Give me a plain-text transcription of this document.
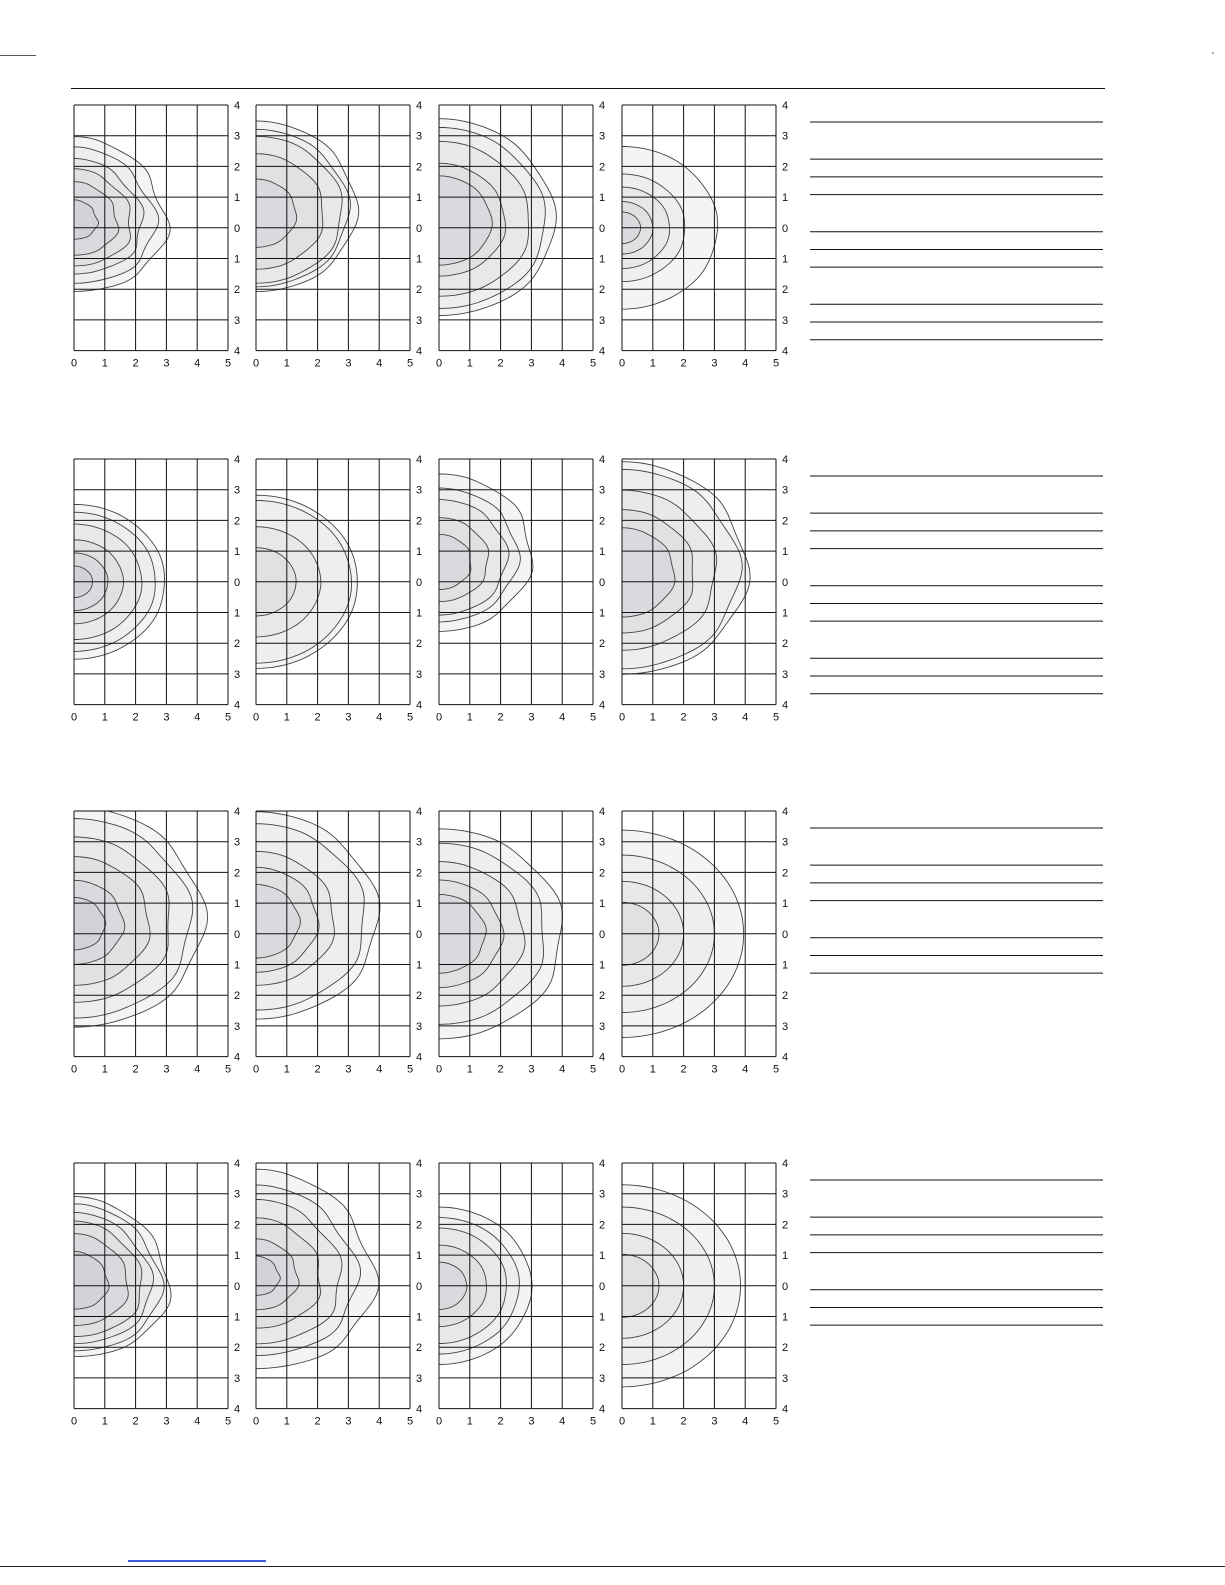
0 1 2 3 4 5
4
3
2
1
0
1
2
3
4
0 1 2 3 4 5
4
3
2
1
0
1
2
3
4
0 1 2 3 4 5
4
3
2
1
0
1
2
3
4
0 1 2 3 4 5
4
3
2
1
0
1
2
3
4
0 1 2 3 4 5
4
3
2
1
0
1
2
3
4
0 1 2 3 4 5
4
3
2
1
0
1
2
3
4
0 1 2 3 4 5
4
3
2
1
0
1
2
3
4
0 1 2 3 4 5
4
3
2
1
0
1
2
3
4
0 1 2 3 4 5
4
3
2
1
0
1
2
3
4
0 1 2 3 4 5
4
3
2
1
0
1
2
3
4
0 1 2 3 4 5
4
3
2
1
0
1
2
3
4
0 1 2 3 4 5
4
3
2
1
0
1
2
3
4
0 1 2 3 4 5
4
3
2
1
0
1
2
3
4
0 1 2 3 4 5
4
3
2
1
0
1
2
3
4
0 1 2 3 4 5
4
3
2
1
0
1
2
3
4
0 1 2 3 4 5
4
3
2
1
0
1
2
3
4
